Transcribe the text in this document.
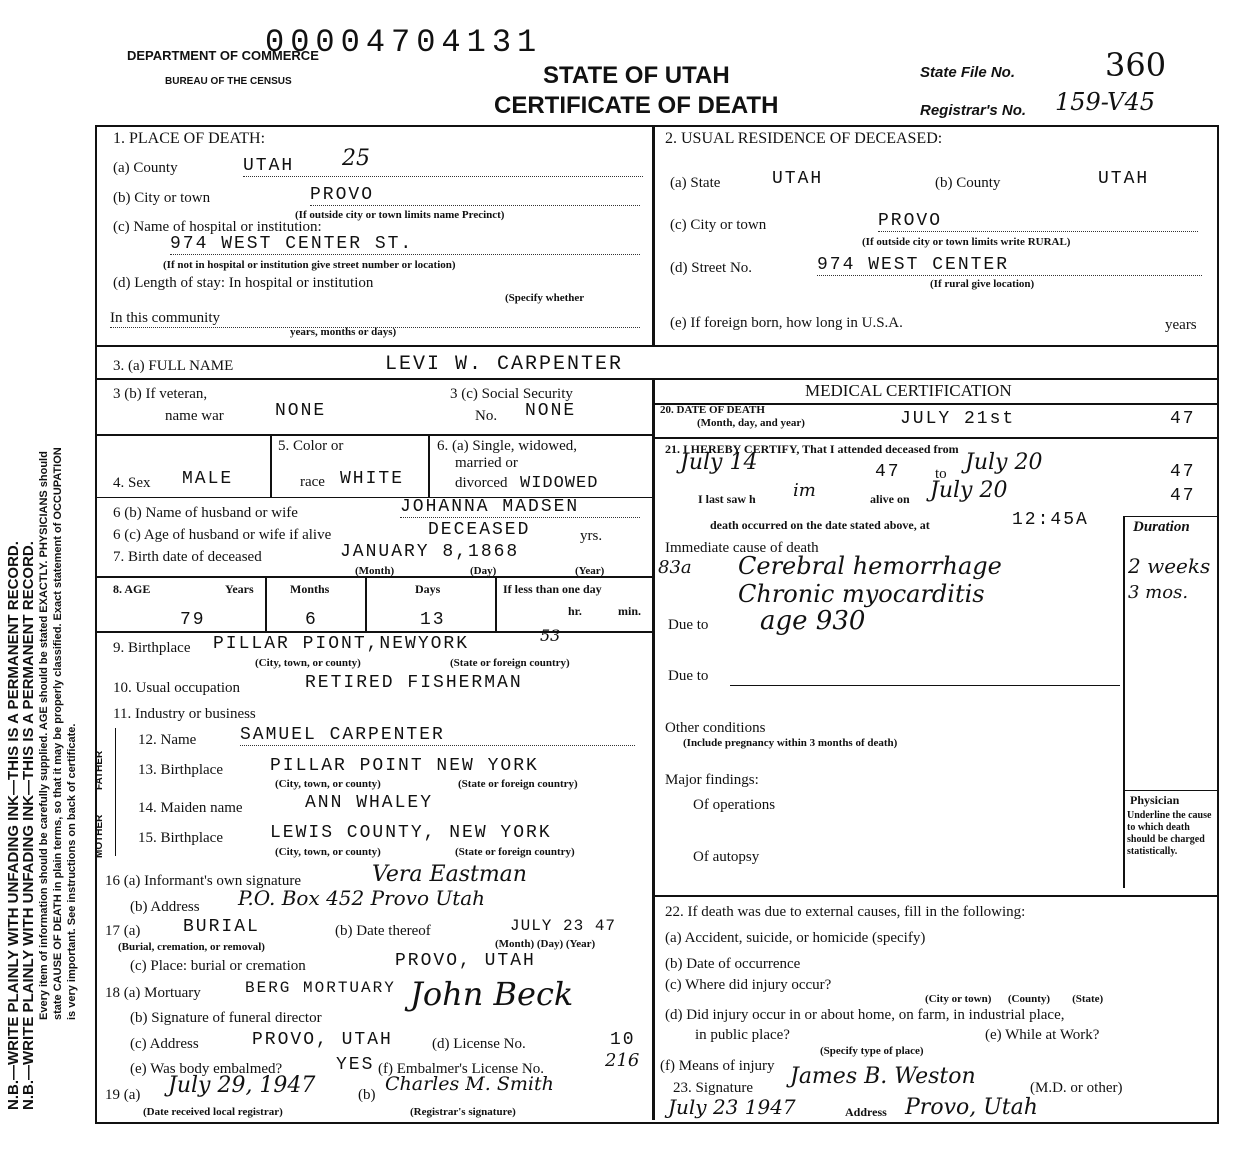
N.B.—WRITE PLAINLY WITH UNFADING INK—THIS IS A PERMANENT RECORD.
N.B.—WRITE PLAINLY WITH UNFADING INK—THIS IS A PERMANENT RECORD. Every item of information should be carefully supplied. AGE should be stated EXACTLY. PHYSICIANS should state CAUSE OF DEATH in plain terms, so that it may be properly classified. Exact statement of OCCUPATION is very important. See instructions on back of certificate.
DEPARTMENT OF COMMERCE
BUREAU OF THE CENSUS
00004704131
STATE OF UTAH
CERTIFICATE OF DEATH
State File No.	360
Registrar's No. 159-V45
1. PLACE OF DEATH:
(a) County	UTAH	25
(b) City or town	PROVO
(If outside city or town limits name Precinct)
(c) Name of hospital or institution:
974 WEST CENTER ST.
(If not in hospital or institution give street number or location)
(d) Length of stay: In hospital or institution
(Specify whether
In this community
years, months or days)
2. USUAL RESIDENCE OF DECEASED:
(a) State	UTAH	(b) County	UTAH
(c) City or town	PROVO
(If outside city or town limits write RURAL)
(d) Street No.	974 WEST CENTER
(If rural give location)
(e) If foreign born, how long in U.S.A.	years
3. (a) FULL NAME	LEVI W. CARPENTER
3 (b) If veteran,
name war	NONE
3 (c) Social Security
No. NONE
4. Sex MALE
5. Color or
race WHITE
6. (a) Single, widowed,
married or
divorced WIDOWED
6 (b) Name of husband or wife	JOHANNA MADSEN
6 (c) Age of husband or wife if alive	DECEASED	yrs.
7. Birth date of deceased	JANUARY 8,1868
(Month)	(Day)	(Year)
8. AGE	Years	Months	Days	If less than one day
hr.	min.
79	6	13
9. Birthplace PILLAR PIONT,NEWYORK	53
(City, town, or county)	(State or foreign country)
10. Usual occupation	RETIRED FISHERMAN
11. Industry or business
FATHER
MOTHER
12. Name SAMUEL CARPENTER
13. Birthplace	PILLAR POINT NEW YORK
(City, town, or county)	(State or foreign country)
14. Maiden name	ANN WHALEY
15. Birthplace	LEWIS COUNTY, NEW YORK
(City, town, or county)	(State or foreign country)
16 (a) Informant's own signature	Vera Eastman
(b) Address P.O. Box 452 Provo Utah
17 (a) BURIAL
(Burial, cremation, or removal)
(b) Date thereof	JULY 23 47
(Month) (Day) (Year)
(c) Place: burial or cremation	PROVO, UTAH
18 (a) Mortuary	BERG MORTUARY
(b) Signature of funeral director
John Beck
(c) Address	PROVO, UTAH	(d) License No.	10
(e) Was body embalmed?	YES (f) Embalmer's License No.	216
19 (a) July 29, 1947
(Date received local registrar)
(b) Charles M. Smith
(Registrar's signature)
MEDICAL CERTIFICATION
20. DATE OF DEATH
(Month, day, and year)	JULY 21st	47
21. I HEREBY CERTIFY, That I attended deceased from
July 14	47 to July 20	47
I last saw h im	alive on July 20	47
death occurred on the date stated above, at	12:45A	Duration
Immediate cause of death
83a Cerebral hemorrhage	2 weeks
Chronic myocarditis	3 mos.
Due to age 930
Due to
Other conditions
(Include pregnancy within 3 months of death)
Major findings:
Of operations
Of autopsy
Physician
Underline the cause to which death should be charged statistically.
22. If death was due to external causes, fill in the following:
(a) Accident, suicide, or homicide (specify)
(b) Date of occurrence
(c) Where did injury occur?
(City or town)      (County)        (State)
(d) Did injury occur in or about home, on farm, in industrial place,
in public place?
(Specify type of place)
(e) While at Work?
(f) Means of injury
23. Signature James B. Weston	(M.D. or other)
July 23 1947	Address Provo, Utah
